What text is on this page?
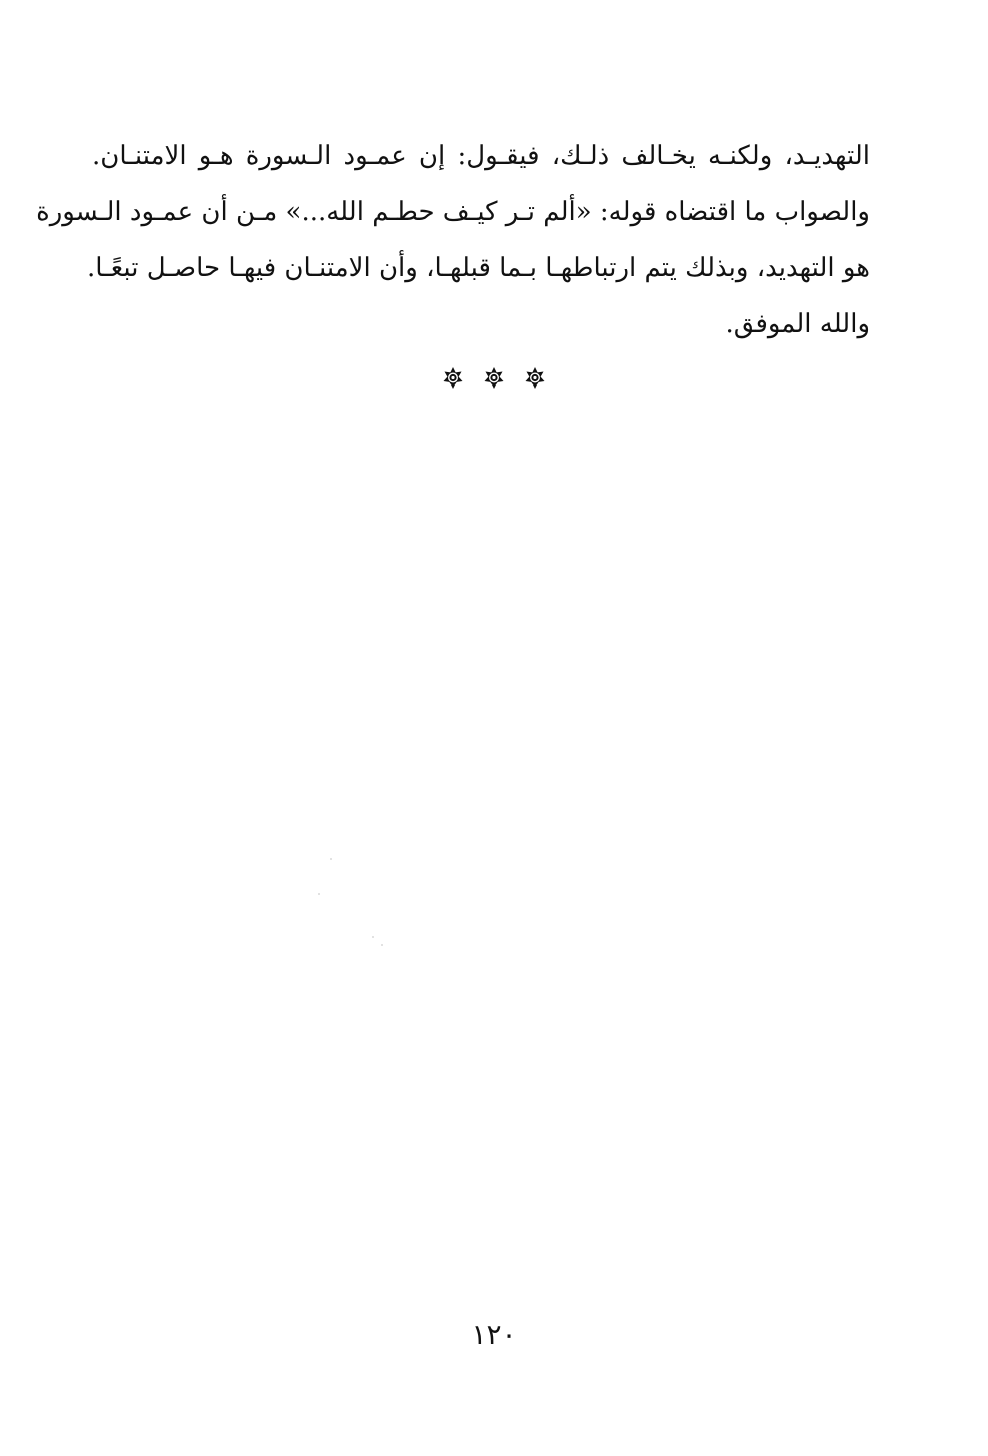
التهديـد، ولكنـه يخـالف ذلـك، فيقـول: إن عمـود الـسورة هـو الامتنـان.
والصواب ما اقتضاه قوله: «ألم تـر كيـف حطـم الله...» مـن أن عمـود الـسورة
هو التهديد، وبذلك يتم ارتباطهـا بـما قبلهـا، وأن الامتنـان فيهـا حاصـل تبعًـا.
والله الموفق.

١٢٠
